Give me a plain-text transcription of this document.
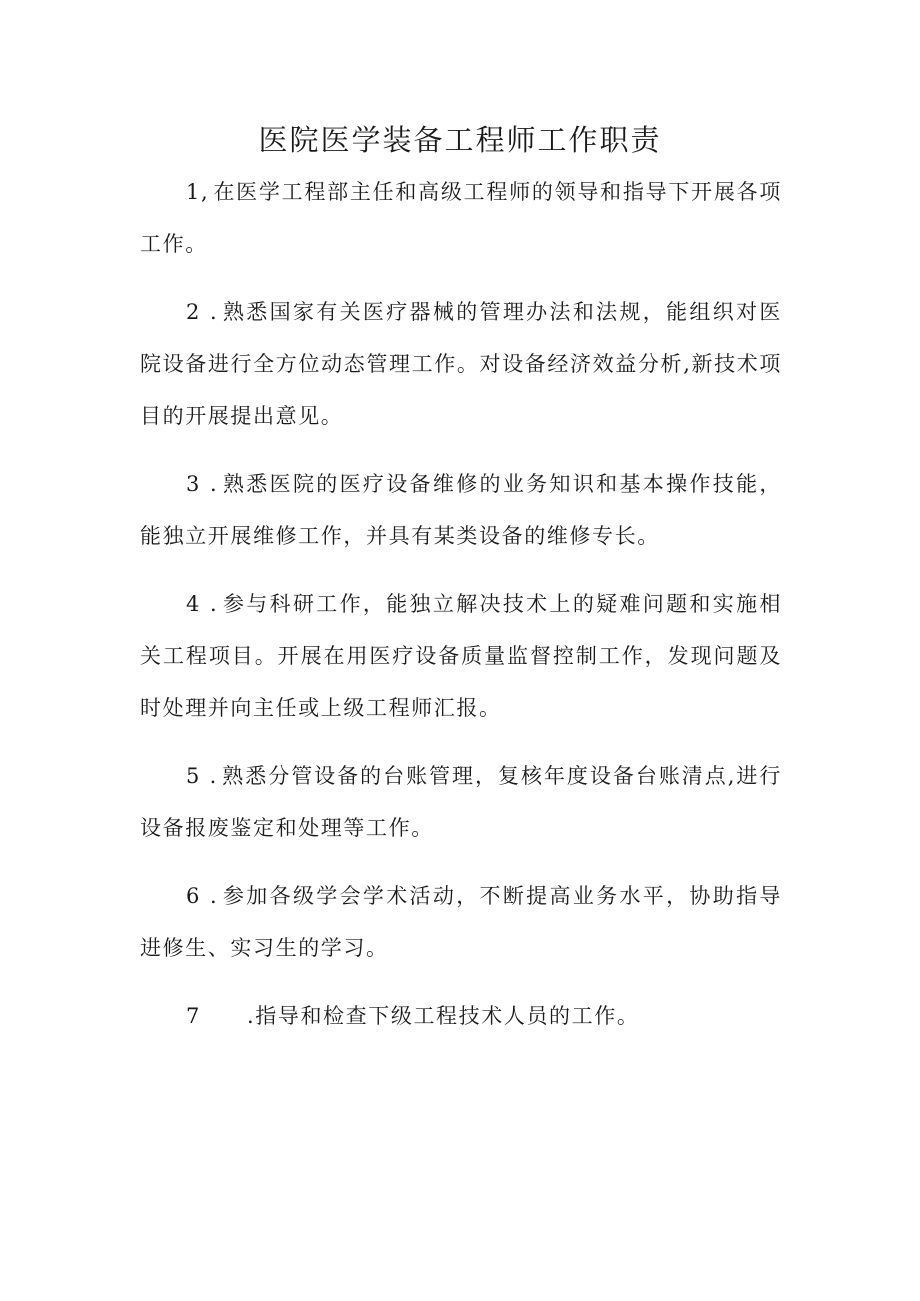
医院医学装备工程师工作职责
1, 在医学工程部主任和高级工程师的领导和指导下开展各项工作。
2 . 熟悉国家有关医疗器械的管理办法和法规，能组织对医院设备进行全方位动态管理工作。对设备经济效益分析,新技术项目的开展提出意见。
3 . 熟悉医院的医疗设备维修的业务知识和基本操作技能，能独立开展维修工作，并具有某类设备的维修专长。
4 . 参与科研工作，能独立解决技术上的疑难问题和实施相关工程项目。开展在用医疗设备质量监督控制工作，发现问题及时处理并向主任或上级工程师汇报。
5 . 熟悉分管设备的台账管理，复核年度设备台账清点,进行设备报废鉴定和处理等工作。
6 . 参加各级学会学术活动，不断提高业务水平，协助指导进修生、实习生的学习。
7 .指导和检查下级工程技术人员的工作。
